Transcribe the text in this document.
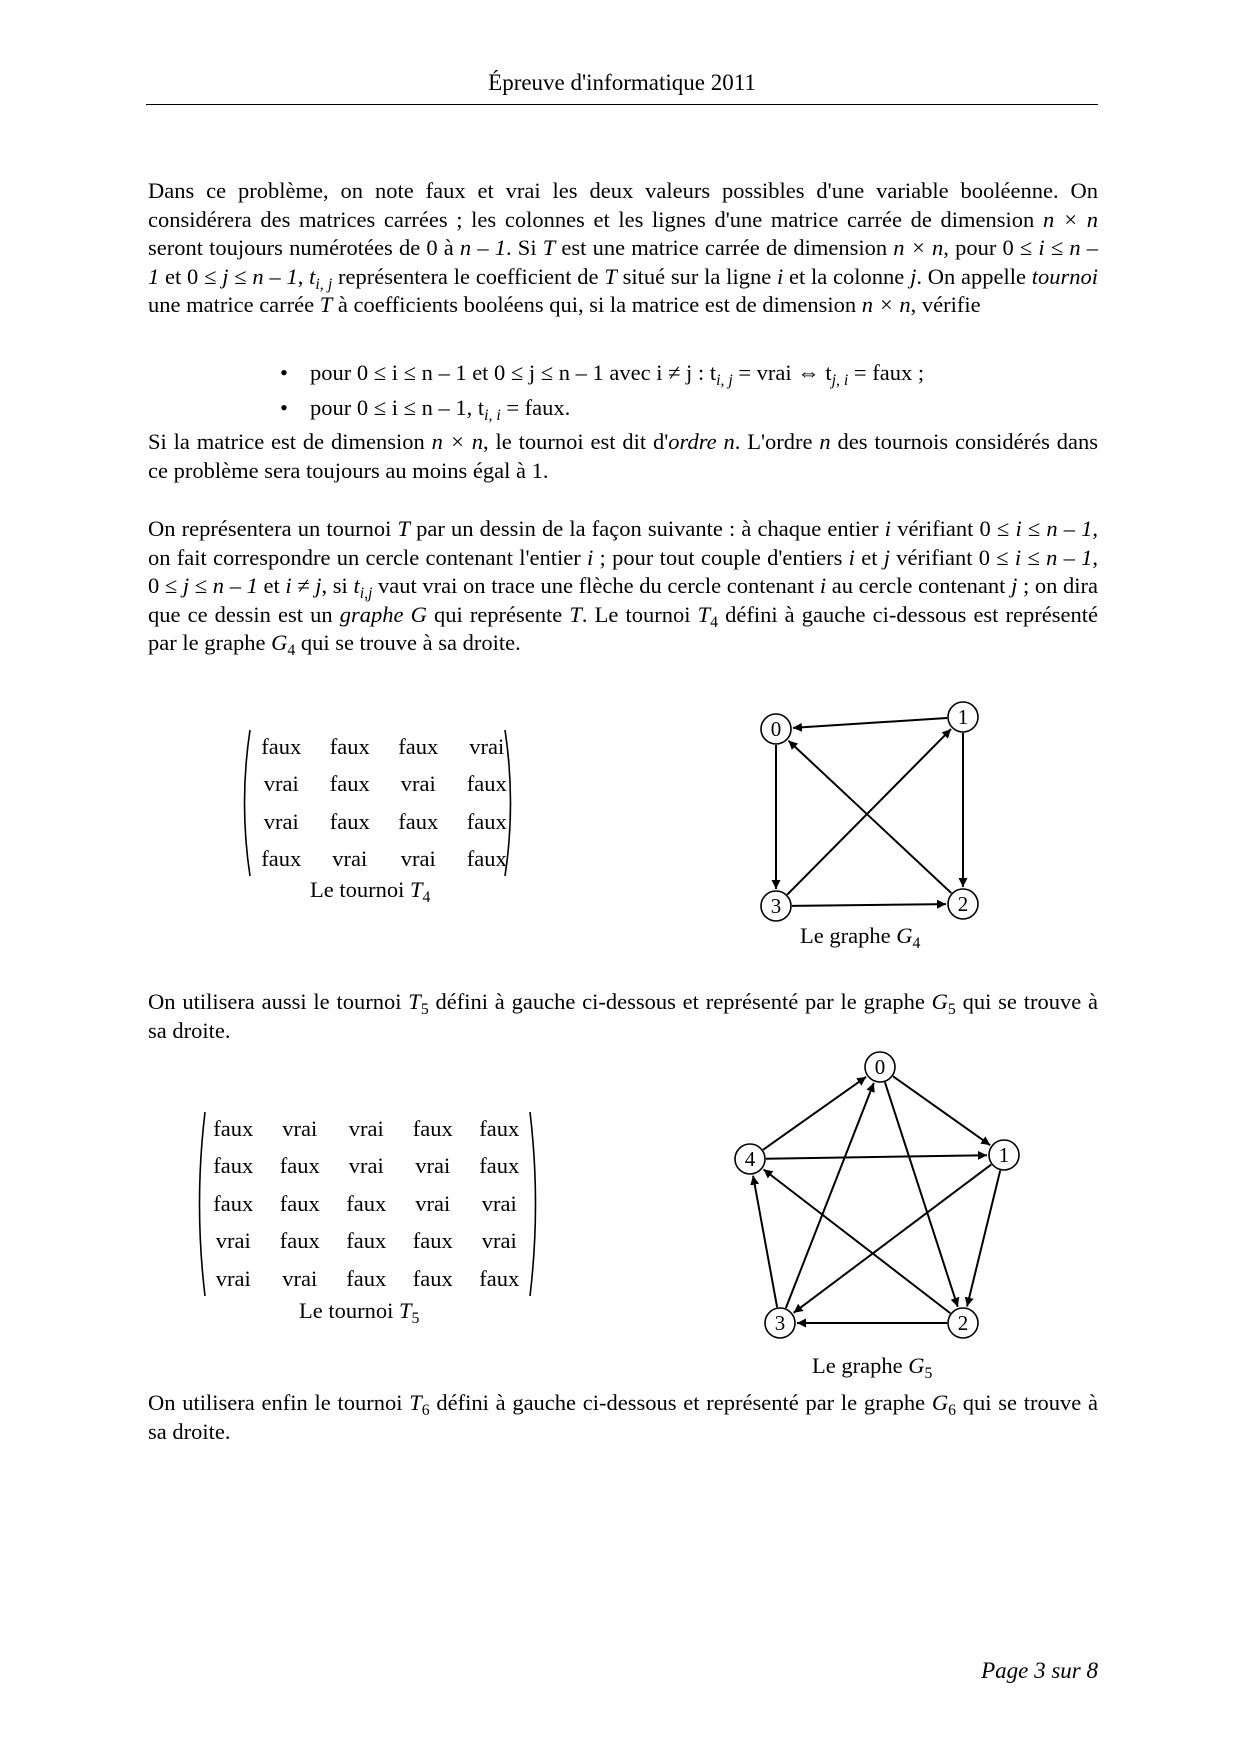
Épreuve d'informatique 2011

Dans ce problème, on note faux et vrai les deux valeurs possibles d'une variable booléenne. On considérera des matrices carrées ; les colonnes et les lignes d'une matrice carrée de dimension n × n seront toujours numérotées de 0 à n – 1. Si T est une matrice carrée de dimension n × n, pour 0 ≤ i ≤ n – 1 et 0 ≤ j ≤ n – 1, $t_{i, j}$ représentera le coefficient de T situé sur la ligne i et la colonne j. On appelle tournoi une matrice carrée T à coefficients booléens qui, si la matrice est de dimension n × n, vérifie

• pour 0 ≤ i ≤ n – 1 et 0 ≤ j ≤ n – 1 avec i ≠ j : $t_{i, j}$ = vrai ⇔ $t_{j, i}$ = faux ;
• pour 0 ≤ i ≤ n – 1, $t_{i, i}$ = faux.

Si la matrice est de dimension n × n, le tournoi est dit d'ordre n. L'ordre n des tournois considérés dans ce problème sera toujours au moins égal à 1.

On représentera un tournoi T par un dessin de la façon suivante : à chaque entier i vérifiant 0 ≤ i ≤ n – 1, on fait correspondre un cercle contenant l'entier i ; pour tout couple d'entiers i et j vérifiant 0 ≤ i ≤ n – 1, 0 ≤ j ≤ n – 1 et i ≠ j, si $t_{i,j}$ vaut vrai on trace une flèche du cercle contenant i au cercle contenant j ; on dira que ce dessin est un graphe G qui représente T. Le tournoi $T_4$ défini à gauche ci-dessous est représenté par le graphe $G_4$ qui se trouve à sa droite.

faux	faux	faux	vrai
vrai	faux	vrai	faux
vrai	faux	faux	faux
faux	vrai	vrai	faux
Le tournoi $T_4$
0	1
2
3
Le graphe $G_4$

On utilisera aussi le tournoi $T_5$ défini à gauche ci-dessous et représenté par le graphe $G_5$ qui se trouve à sa droite.

faux	vrai	vrai	faux	faux
faux	faux	vrai	vrai	faux
faux	faux	faux	vrai	vrai
vrai	faux	faux	faux	vrai
vrai	vrai	faux	faux	faux
Le tournoi $T_5$
0
1
2
3
4
Le graphe $G_5$

On utilisera enfin le tournoi $T_6$ défini à gauche ci-dessous et représenté par le graphe $G_6$ qui se trouve à sa droite.

Page 3 sur 8
